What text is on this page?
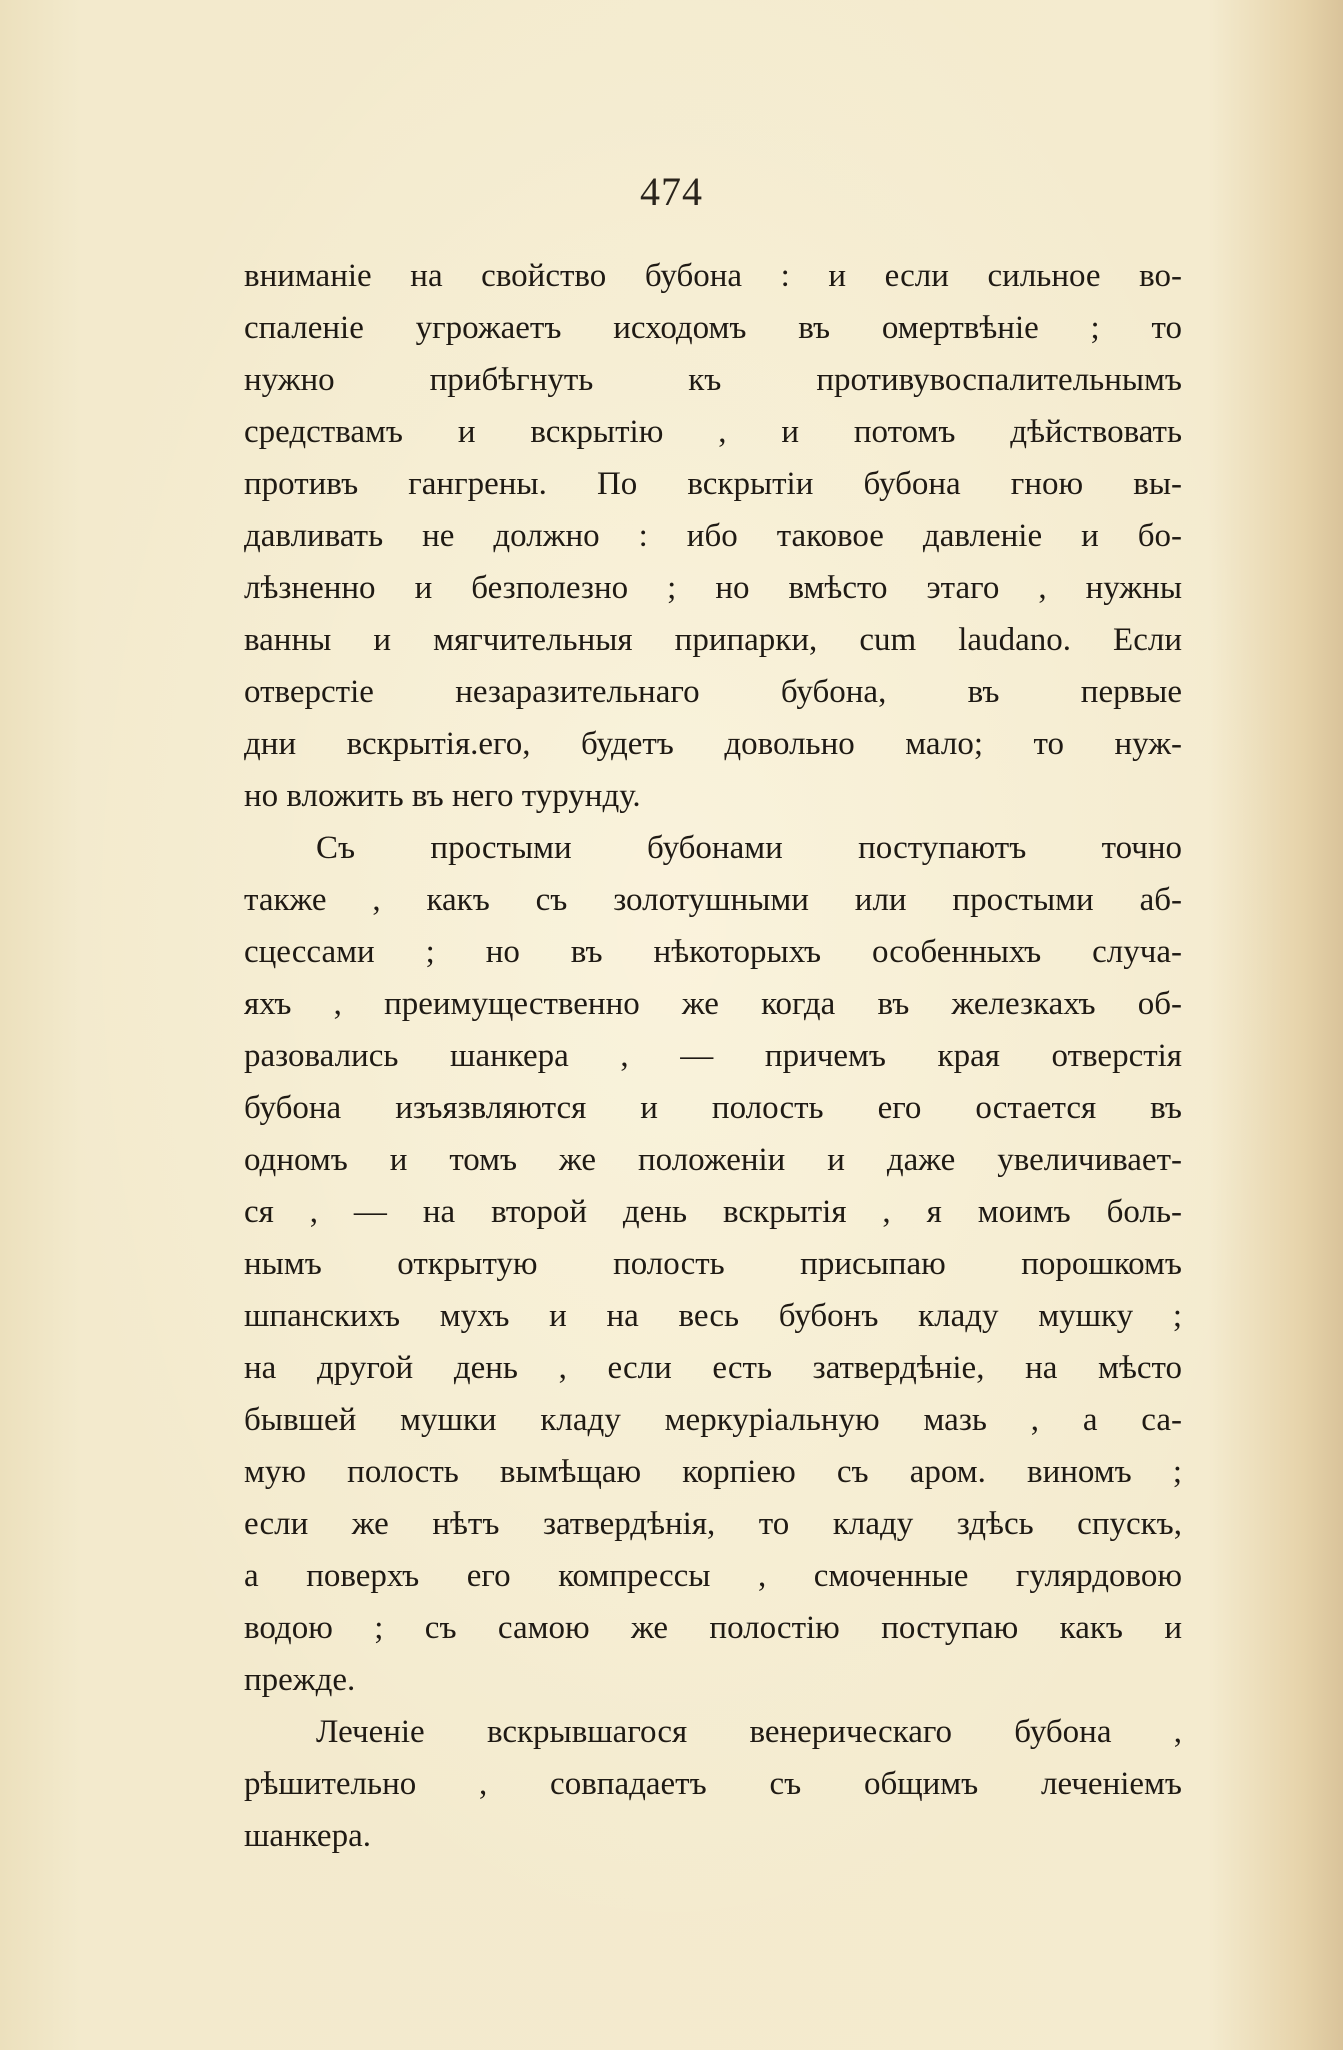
474
вниманіе на свойство бубона : и если сильное во-
спаленіе угрожаетъ исходомъ въ омертвѣніе ; то
нужно прибѣгнуть къ противувоспалительнымъ
средствамъ и вскрытію , и потомъ дѣйствовать
противъ гангрены. По вскрытіи бубона гною вы-
давливать не должно : ибо таковое давленіе и бо-
лѣзненно и безполезно ; но вмѣсто этаго , нужны
ванны и мягчительныя припарки, cum laudano. Если
отверстіе незаразительнаго бубона, въ первые
дни вскрытія.его, будетъ довольно мало; то нуж-
но вложить въ него турунду.
Съ простыми бубонами поступаютъ точно
также , какъ съ золотушными или простыми аб-
сцессами ; но въ нѣкоторыхъ особенныхъ случа-
яхъ , преимущественно же когда въ железкахъ об-
разовались шанкера , — причемъ края отверстія
бубона изъязвляются и полость его остается въ
одномъ и томъ же положеніи и даже увеличивает-
ся , — на второй день вскрытія , я моимъ боль-
нымъ открытую полость присыпаю порошкомъ
шпанскихъ мухъ и на весь бубонъ кладу мушку ;
на другой день , если есть затвердѣніе, на мѣсто
бывшей мушки кладу меркуріальную мазь , а са-
мую полость вымѣщаю корпіею съ аром. виномъ ;
если же нѣтъ затвердѣнія, то кладу здѣсь спускъ,
а поверхъ его компрессы , смоченные гулярдовою
водою ; съ самою же полостію поступаю какъ и
прежде.
Леченіе вскрывшагося венерическаго бубона ,
рѣшительно , совпадаетъ съ общимъ леченіемъ
шанкера.
